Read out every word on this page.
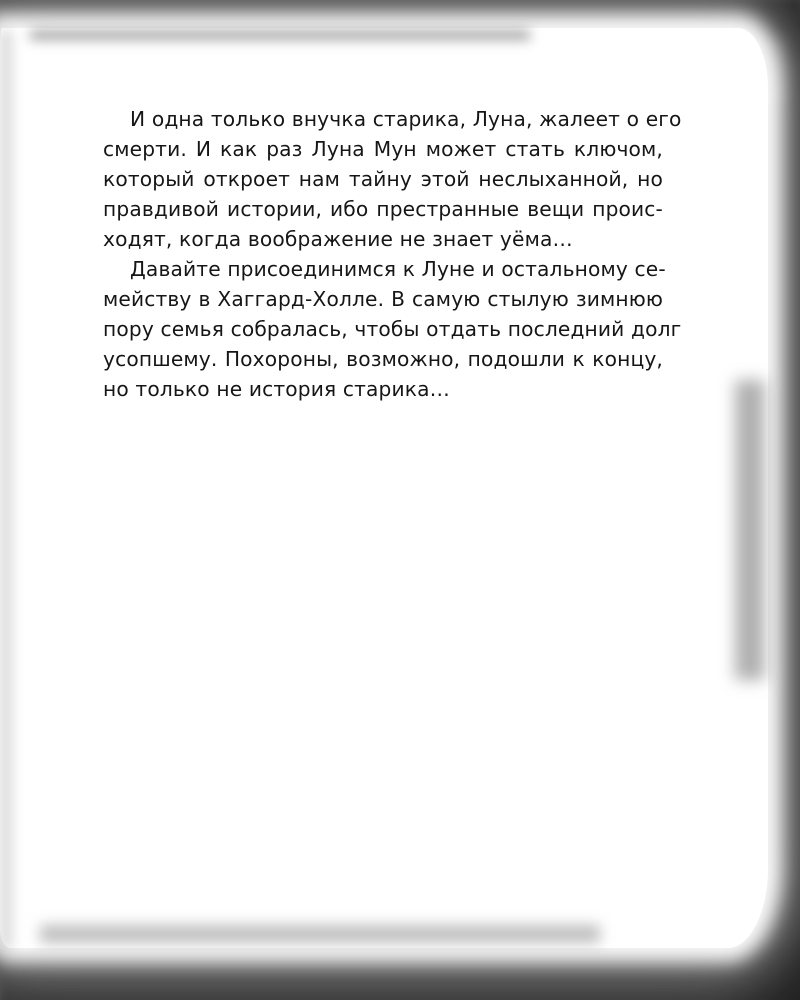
И одна только внучка старика, Луна, жалеет о его
смерти. И как раз Луна Мун может стать ключом,
который откроет нам тайну этой неслыханной, но
правдивой истории, ибо престранные вещи проис-
ходят, когда воображение не знает уёма…
Давайте присоединимся к Луне и остальному се-
мейству в Хаггард-Холле. В самую стылую зимнюю
пору семья собралась, чтобы отдать последний долг
усопшему. Похороны, возможно, подошли к концу,
но только не история старика…
